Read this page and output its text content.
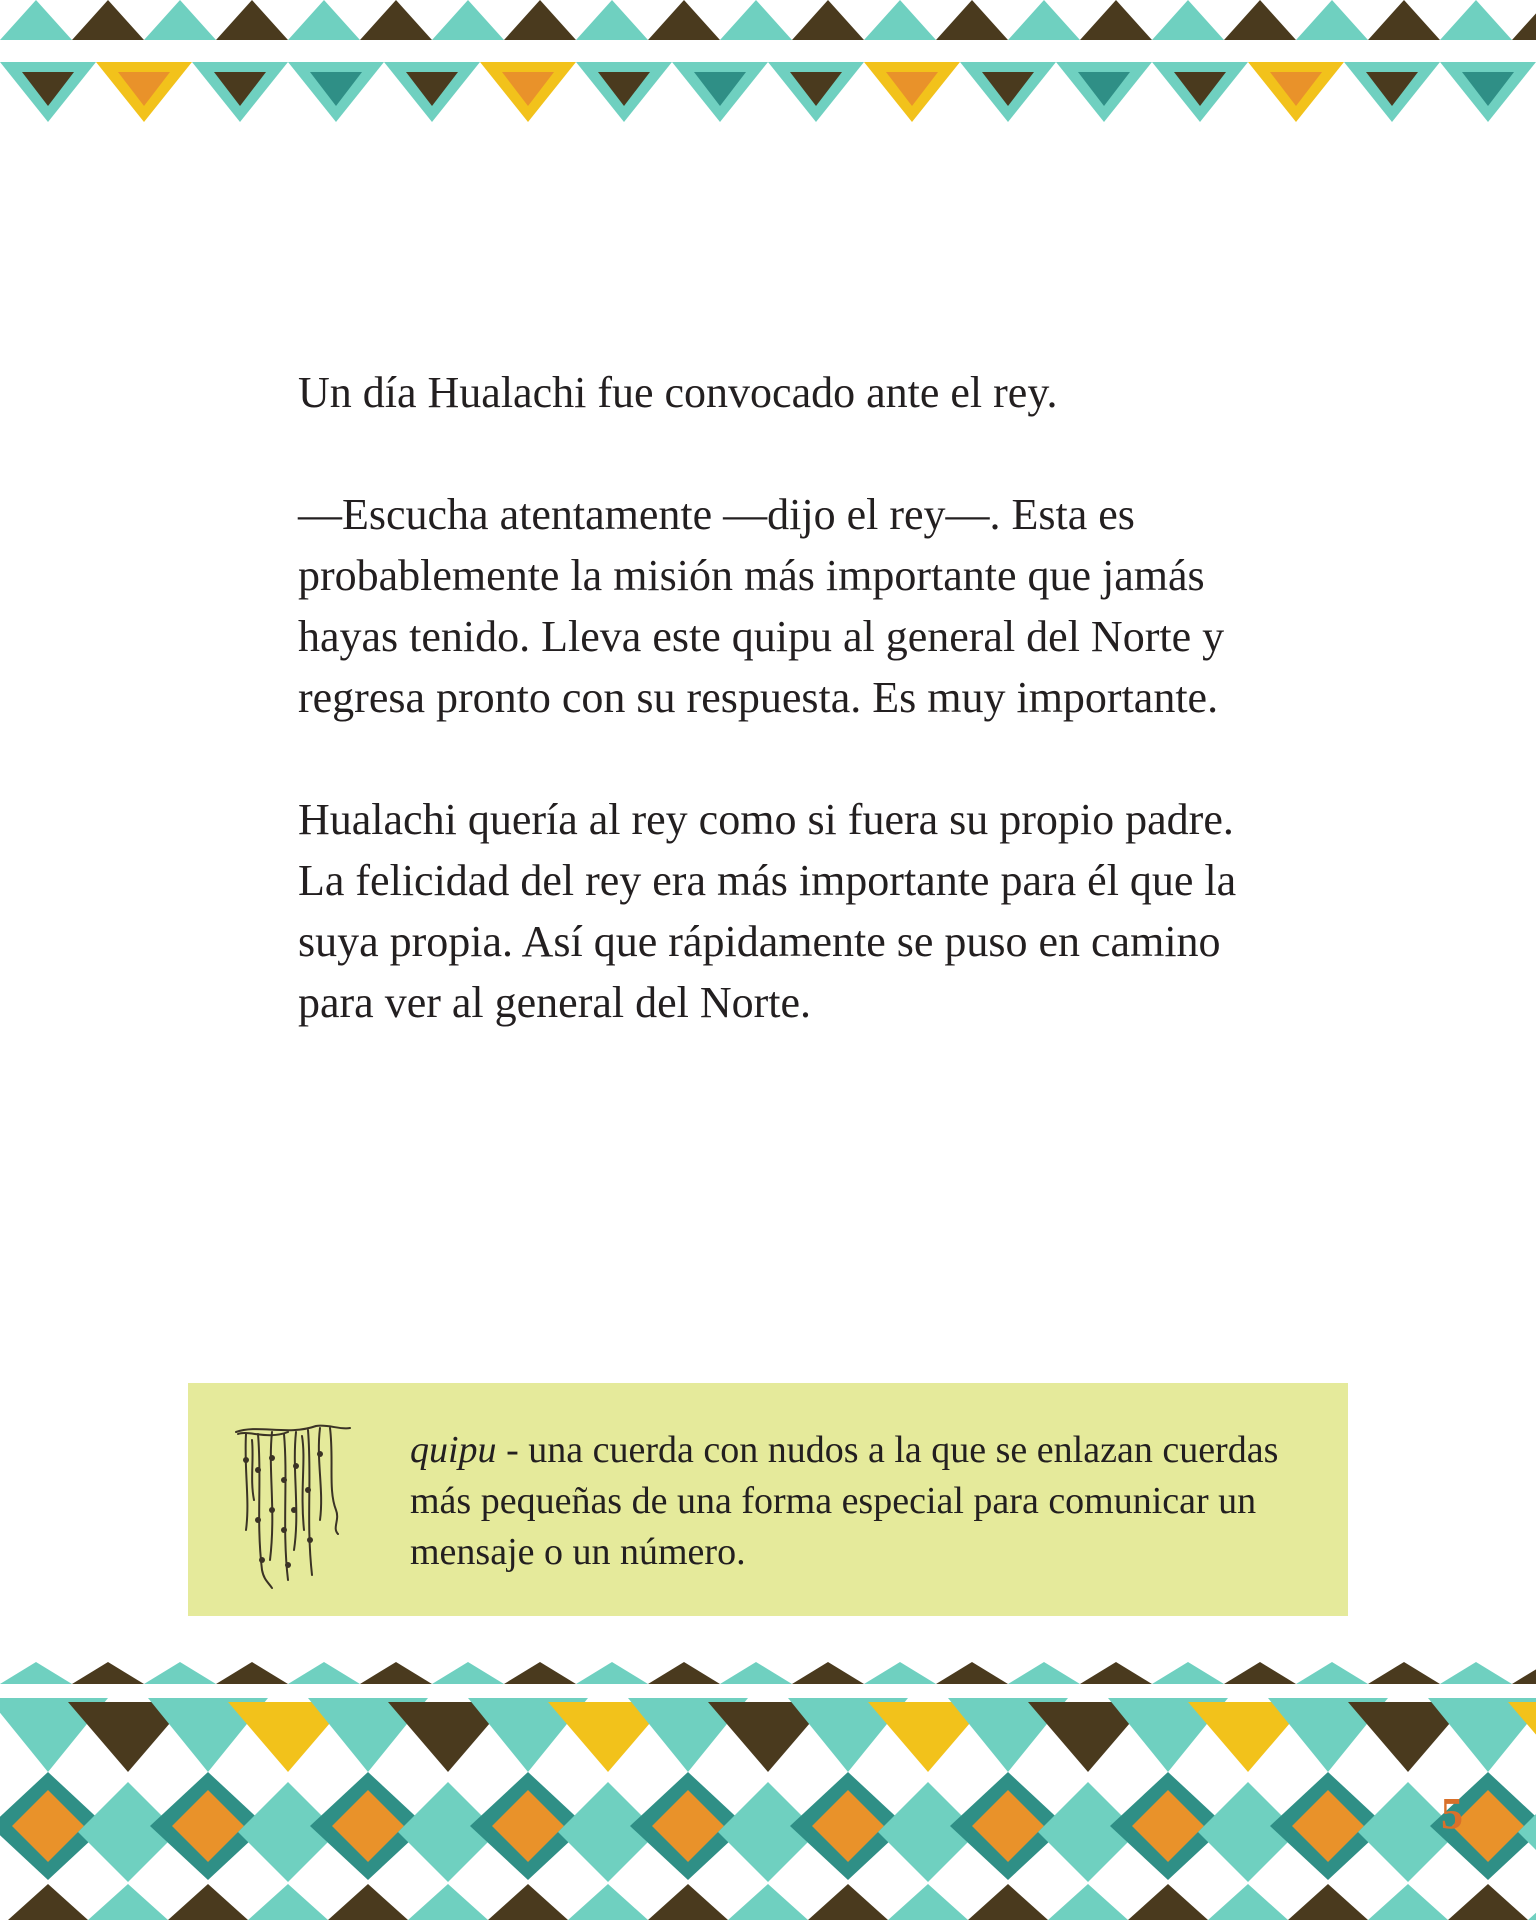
Un día Hualachi fue convocado ante el rey.

—Escucha atentamente —dijo el rey—. Esta es probablemente la misión más importante que jamás hayas tenido. Lleva este quipu al general del Norte y regresa pronto con su respuesta. Es muy importante.

Hualachi quería al rey como si fuera su propio padre. La felicidad del rey era más importante para él que la suya propia. Así que rápidamente se puso en camino para ver al general del Norte.

quipu - una cuerda con nudos a la que se enlazan cuerdas más pequeñas de una forma especial para comunicar un mensaje o un número.
5
